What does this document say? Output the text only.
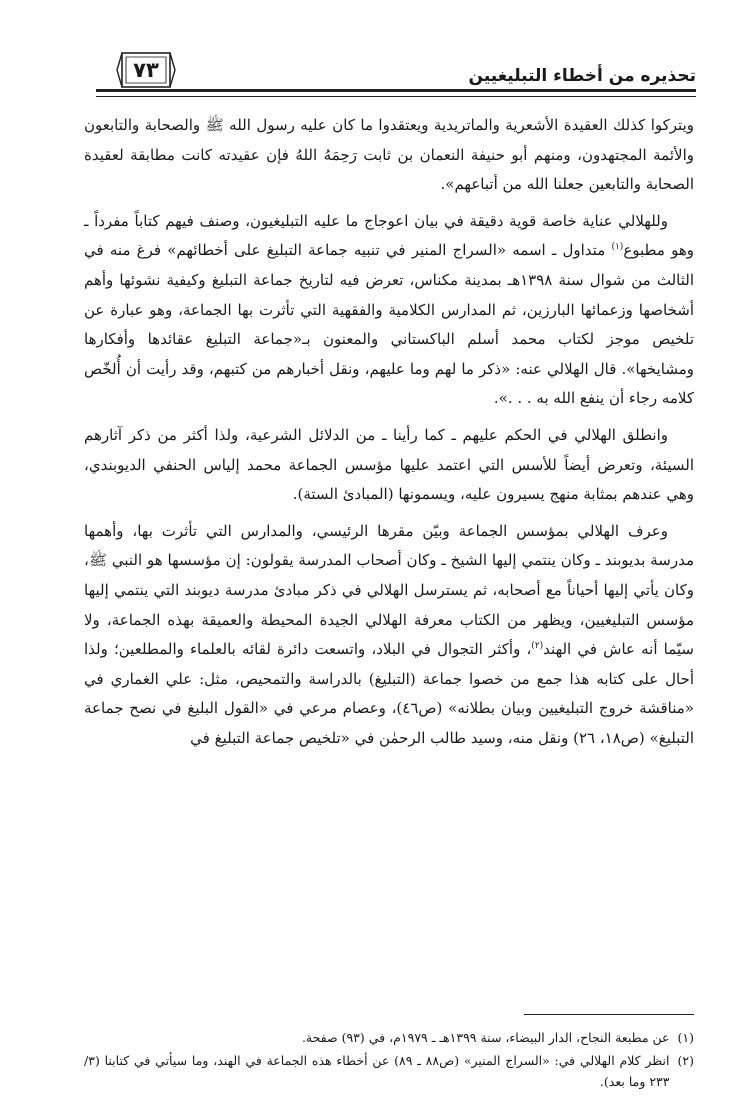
تحذيره من أخطاء التبليغيين
٧٣

ويتركوا كذلك العقيدة الأشعرية والماتريدية ويعتقدوا ما كان عليه رسول الله ﷺ والصحابة والتابعون والأئمة المجتهدون، ومنهم أبو حنيفة النعمان بن ثابت رَحِمَهُ اللهُ فإن عقيدته كانت مطابقة لعقيدة الصحابة والتابعين جعلنا الله من أتباعهم».

وللهلالي عناية خاصة قوية دقيقة في بيان اعوجاج ما عليه التبليغيون، وصنف فيهم كتاباً مفرداً ـ وهو مطبوع$^{(١)}$ متداول ـ اسمه «السراج المنير في تنبيه جماعة التبليغ على أخطائهم» فرغ منه في الثالث من شوال سنة ١٣٩٨هـ بمدينة مكناس، تعرض فيه لتاريخ جماعة التبليغ وكيفية نشوئها وأهم أشخاصها وزعمائها البارزين، ثم المدارس الكلامية والفقهية التي تأثرت بها الجماعة، وهو عبارة عن تلخيص موجز لكتاب محمد أسلم الباكستاني والمعنون بـ«جماعة التبليغ عقائدها وأفكارها ومشايخها». قال الهلالي عنه: «ذكر ما لهم وما عليهم، ونقل أخبارهم من كتبهم، وقد رأيت أن أُلخّص كلامه رجاء أن ينفع الله به . . .».

وانطلق الهلالي في الحكم عليهم ـ كما رأينا ـ من الدلائل الشرعية، ولذا أكثر من ذكر آثارهم السيئة، وتعرض أيضاً للأسس التي اعتمد عليها مؤسس الجماعة محمد إلياس الحنفي الديوبندي، وهي عندهم بمثابة منهج يسيرون عليه، ويسمونها (المبادئ الستة).

وعرف الهلالي بمؤسس الجماعة وبيّن مقرها الرئيسي، والمدارس التي تأثرت بها، وأهمها مدرسة بديوبند ـ وكان ينتمي إليها الشيخ ـ وكان أصحاب المدرسة يقولون: إن مؤسسها هو النبي ﷺ، وكان يأتي إليها أحياناً مع أصحابه، ثم يسترسل الهلالي في ذكر مبادئ مدرسة ديوبند التي ينتمي إليها مؤسس التبليغيين، ويظهر من الكتاب معرفة الهلالي الجيدة المحيطة والعميقة بهذه الجماعة، ولا سيّما أنه عاش في الهند$^{(٢)}$، وأكثر التجوال في البلاد، واتسعت دائرة لقائه بالعلماء والمطلعين؛ ولذا أحال على كتابه هذا جمع من خصوا جماعة (التبليغ) بالدراسة والتمحيص، مثل: علي الغماري في «مناقشة خروج التبليغيين وبيان بطلانه» (ص٤٦)، وعصام مرعي في «القول البليغ في نصح جماعة التبليغ» (ص١٨، ٢٦) ونقل منه، وسيد طالب الرحمٰن في «تلخيص جماعة التبليغ في

(١)
عن مطبعة النجاح، الدار البيضاء، سنة ١٣٩٩هـ ـ ١٩٧٩م، في (٩٣) صفحة.
(٢)
انظر كلام الهلالي في: «السراج المنير» (ص٨٨ ـ ٨٩) عن أخطاء هذه الجماعة في الهند، وما سيأتي في كتابنا (٣/ ٢٣٣ وما بعد).
